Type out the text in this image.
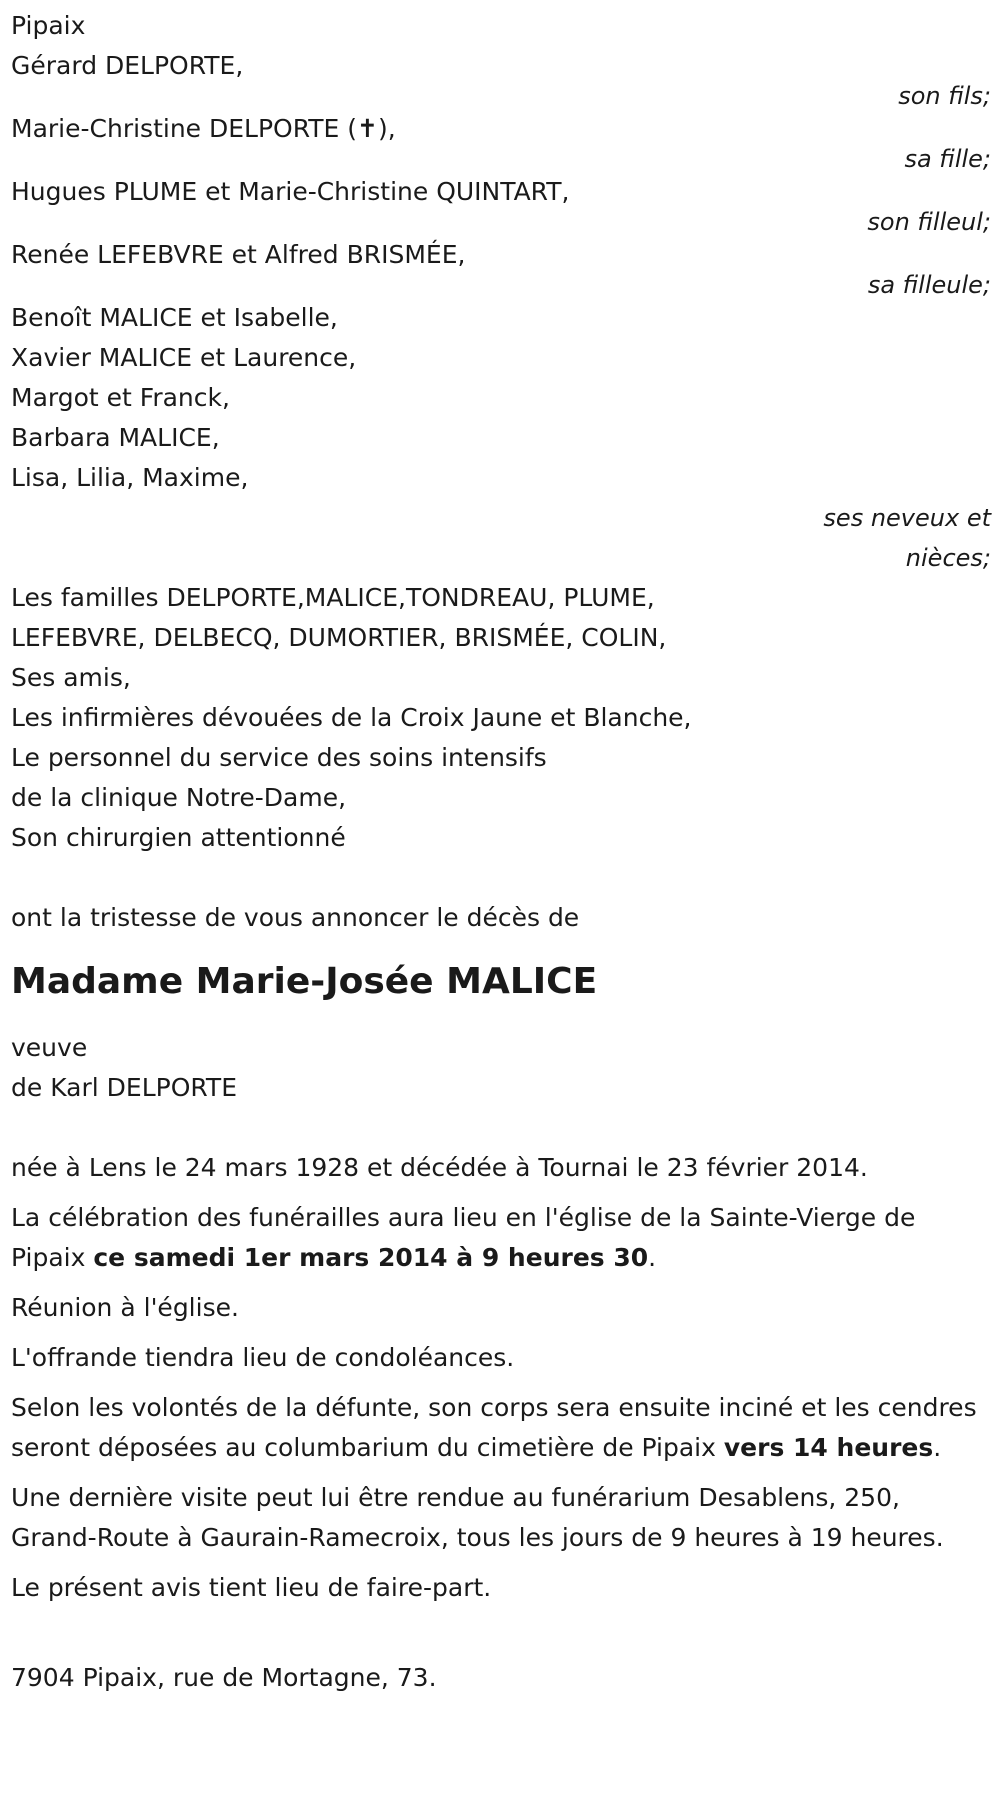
Pipaix
Gérard DELPORTE,
son fils;
Marie-Christine DELPORTE (✝),
sa fille;
Hugues PLUME et Marie-Christine QUINTART,
son filleul;
Renée LEFEBVRE et Alfred BRISMÉE,
sa filleule;
Benoît MALICE et Isabelle,
Xavier MALICE et Laurence,
Margot et Franck,
Barbara MALICE,
Lisa, Lilia, Maxime,
ses neveux et
nièces;
Les familles DELPORTE,MALICE,TONDREAU, PLUME,
LEFEBVRE, DELBECQ, DUMORTIER, BRISMÉE, COLIN,
Ses amis,
Les infirmières dévouées de la Croix Jaune et Blanche,
Le personnel du service des soins intensifs
de la clinique Notre-Dame,
Son chirurgien attentionné
ont la tristesse de vous annoncer le décès de
Madame Marie-Josée MALICE
veuve
de Karl DELPORTE

née à Lens le 24 mars 1928 et décédée à Tournai le 23 février 2014.

La célébration des funérailles aura lieu en l'église de la Sainte-Vierge de Pipaix ce samedi 1er mars 2014 à 9 heures 30.

Réunion à l'église.

L'offrande tiendra lieu de condoléances.

Selon les volontés de la défunte, son corps sera ensuite inciné et les cendres seront déposées au columbarium du cimetière de Pipaix vers 14 heures.

Une dernière visite peut lui être rendue au funérarium Desablens, 250, Grand-Route à Gaurain-Ramecroix, tous les jours de 9 heures à 19 heures.

Le présent avis tient lieu de faire-part.

7904 Pipaix, rue de Mortagne, 73.
